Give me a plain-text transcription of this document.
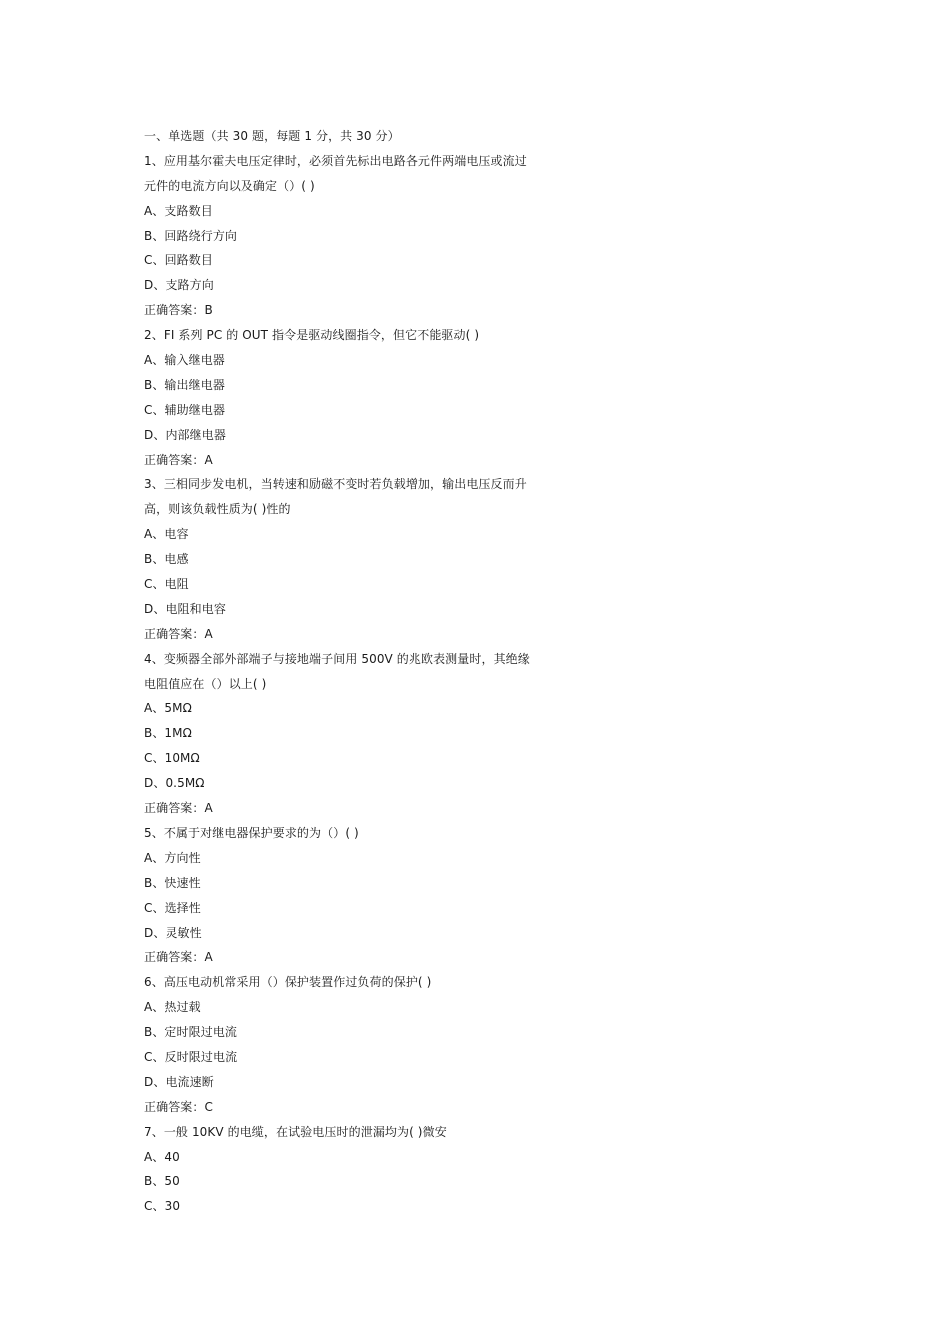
一、单选题（共 30 题，每题 1 分，共 30 分）
1、应用基尔霍夫电压定律时，必须首先标出电路各元件两端电压或流过
元件的电流方向以及确定（）( )
A、支路数目
B、回路绕行方向
C、回路数目
D、支路方向
正确答案：B
2、FI 系列 PC 的 OUT 指令是驱动线圈指令，但它不能驱动( )
A、输入继电器
B、输出继电器
C、辅助继电器
D、内部继电器
正确答案：A
3、三相同步发电机，当转速和励磁不变时若负载增加，输出电压反而升
高，则该负载性质为( )性的
A、电容
B、电感
C、电阻
D、电阻和电容
正确答案：A
4、变频器全部外部端子与接地端子间用 500V 的兆欧表测量时，其绝缘
电阻值应在（）以上( )
A、5MΩ
B、1MΩ
C、10MΩ
D、0.5MΩ
正确答案：A
5、不属于对继电器保护要求的为（）( )
A、方向性
B、快速性
C、选择性
D、灵敏性
正确答案：A
6、高压电动机常采用（）保护装置作过负荷的保护( )
A、热过载
B、定时限过电流
C、反时限过电流
D、电流速断
正确答案：C
7、一般 10KV 的电缆，在试验电压时的泄漏均为( )微安
A、40
B、50
C、30
